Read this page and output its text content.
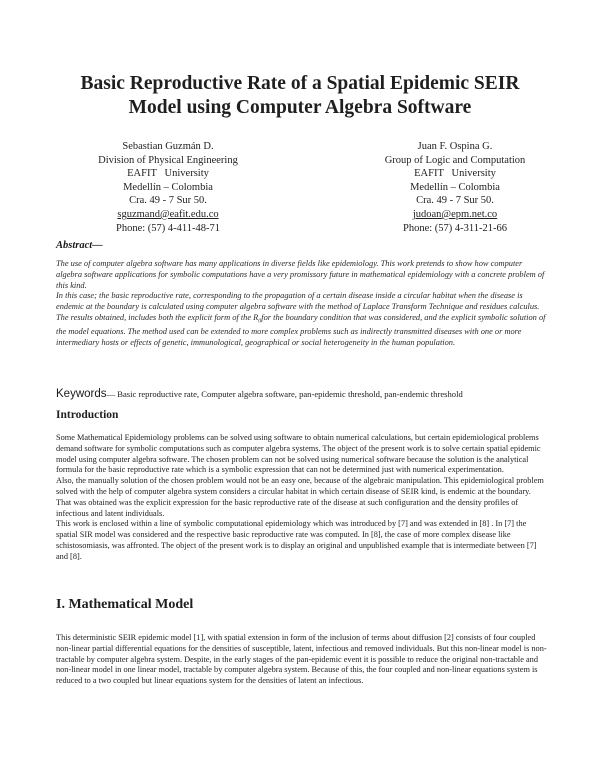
Basic Reproductive Rate of a Spatial Epidemic SEIR
Model using Computer Algebra Software
Sebastian Guzmán D.
Division of Physical Engineering
EAFIT   University
Medellín – Colombia
Cra. 49 - 7 Sur 50.
sguzmand@eafit.edu.co
Phone: (57) 4-411-48-71
Juan F. Ospina G.
Group of Logic and Computation
EAFIT   University
Medellín – Colombia
Cra. 49 - 7 Sur 50.
judoan@epm.net.co
Phone: (57) 4-311-21-66
Abstract—

The use of computer algebra software has many applications in diverse fields like epidemiology. This work pretends to show how computer algebra software applications for symbolic computations have a very promissory future in mathematical epidemiology with a concrete problem of this kind.

In this case; the basic reproductive rate, corresponding to the propagation of a certain disease inside a circular habitat when the disease is endemic at the boundary is calculated using computer algebra software with the method of Laplace Transform Technique and residues calculus.

The results obtained, includes both the explicit form of the $R_0for$ the boundary condition that was considered, and the explicit symbolic solution of the model equations. The method used can be extended to more complex problems such as indirectly transmitted diseases with one or more intermediary hosts or effects of genetic, immunological, geographical or social heterogeneity in the human population.

Keywords— Basic reproductive rate, Computer algebra software, pan-epidemic threshold, pan-endemic threshold
Introduction

Some Mathematical Epidemiology problems can be solved using software to obtain numerical calculations, but certain epidemiological problems demand software for symbolic computations such as computer algebra systems. The object of the present work is to solve certain spatial epidemic model using computer algebra software. The chosen problem can not be solved using numerical software because the solution is the analytical formula for the basic reproductive rate which is a symbolic expression that can not be determined just with numerical experimentation.

Also, the manually solution of the chosen problem would not be an easy one, because of the algebraic manipulation. This epidemiological problem solved with the help of computer algebra system considers a circular habitat in which certain disease of SEIR kind, is endemic at the boundary.

That was obtained was the explicit expression for the basic reproductive rate of the disease at such configuration and the density profiles of infectious and latent individuals.

This work is enclosed within a line of symbolic computational epidemiology which was introduced by [7] and was extended in [8] . In [7] the spatial SIR model was considered and the respective basic reproductive rate was computed. In [8], the case of more complex disease like schistosomiasis, was affronted. The object of the present work is to display an original and unpublished example that is intermediate between [7] and [8].

I. Mathematical Model

This deterministic SEIR epidemic model [1], with spatial extension in form of the inclusion of terms about diffusion [2] consists of four coupled non-linear partial differential equations for the densities of susceptible, latent, infectious and removed individuals. But this non-linear model is non-tractable by computer algebra system. Despite, in the early stages of the pan-epidemic event it is possible to reduce the original non-tractable and non-linear model in one linear model, tractable by computer algebra system. Because of this, the four coupled and non-linear equations system is reduced to a two coupled but linear equations system for the densities of latent an infectious.
